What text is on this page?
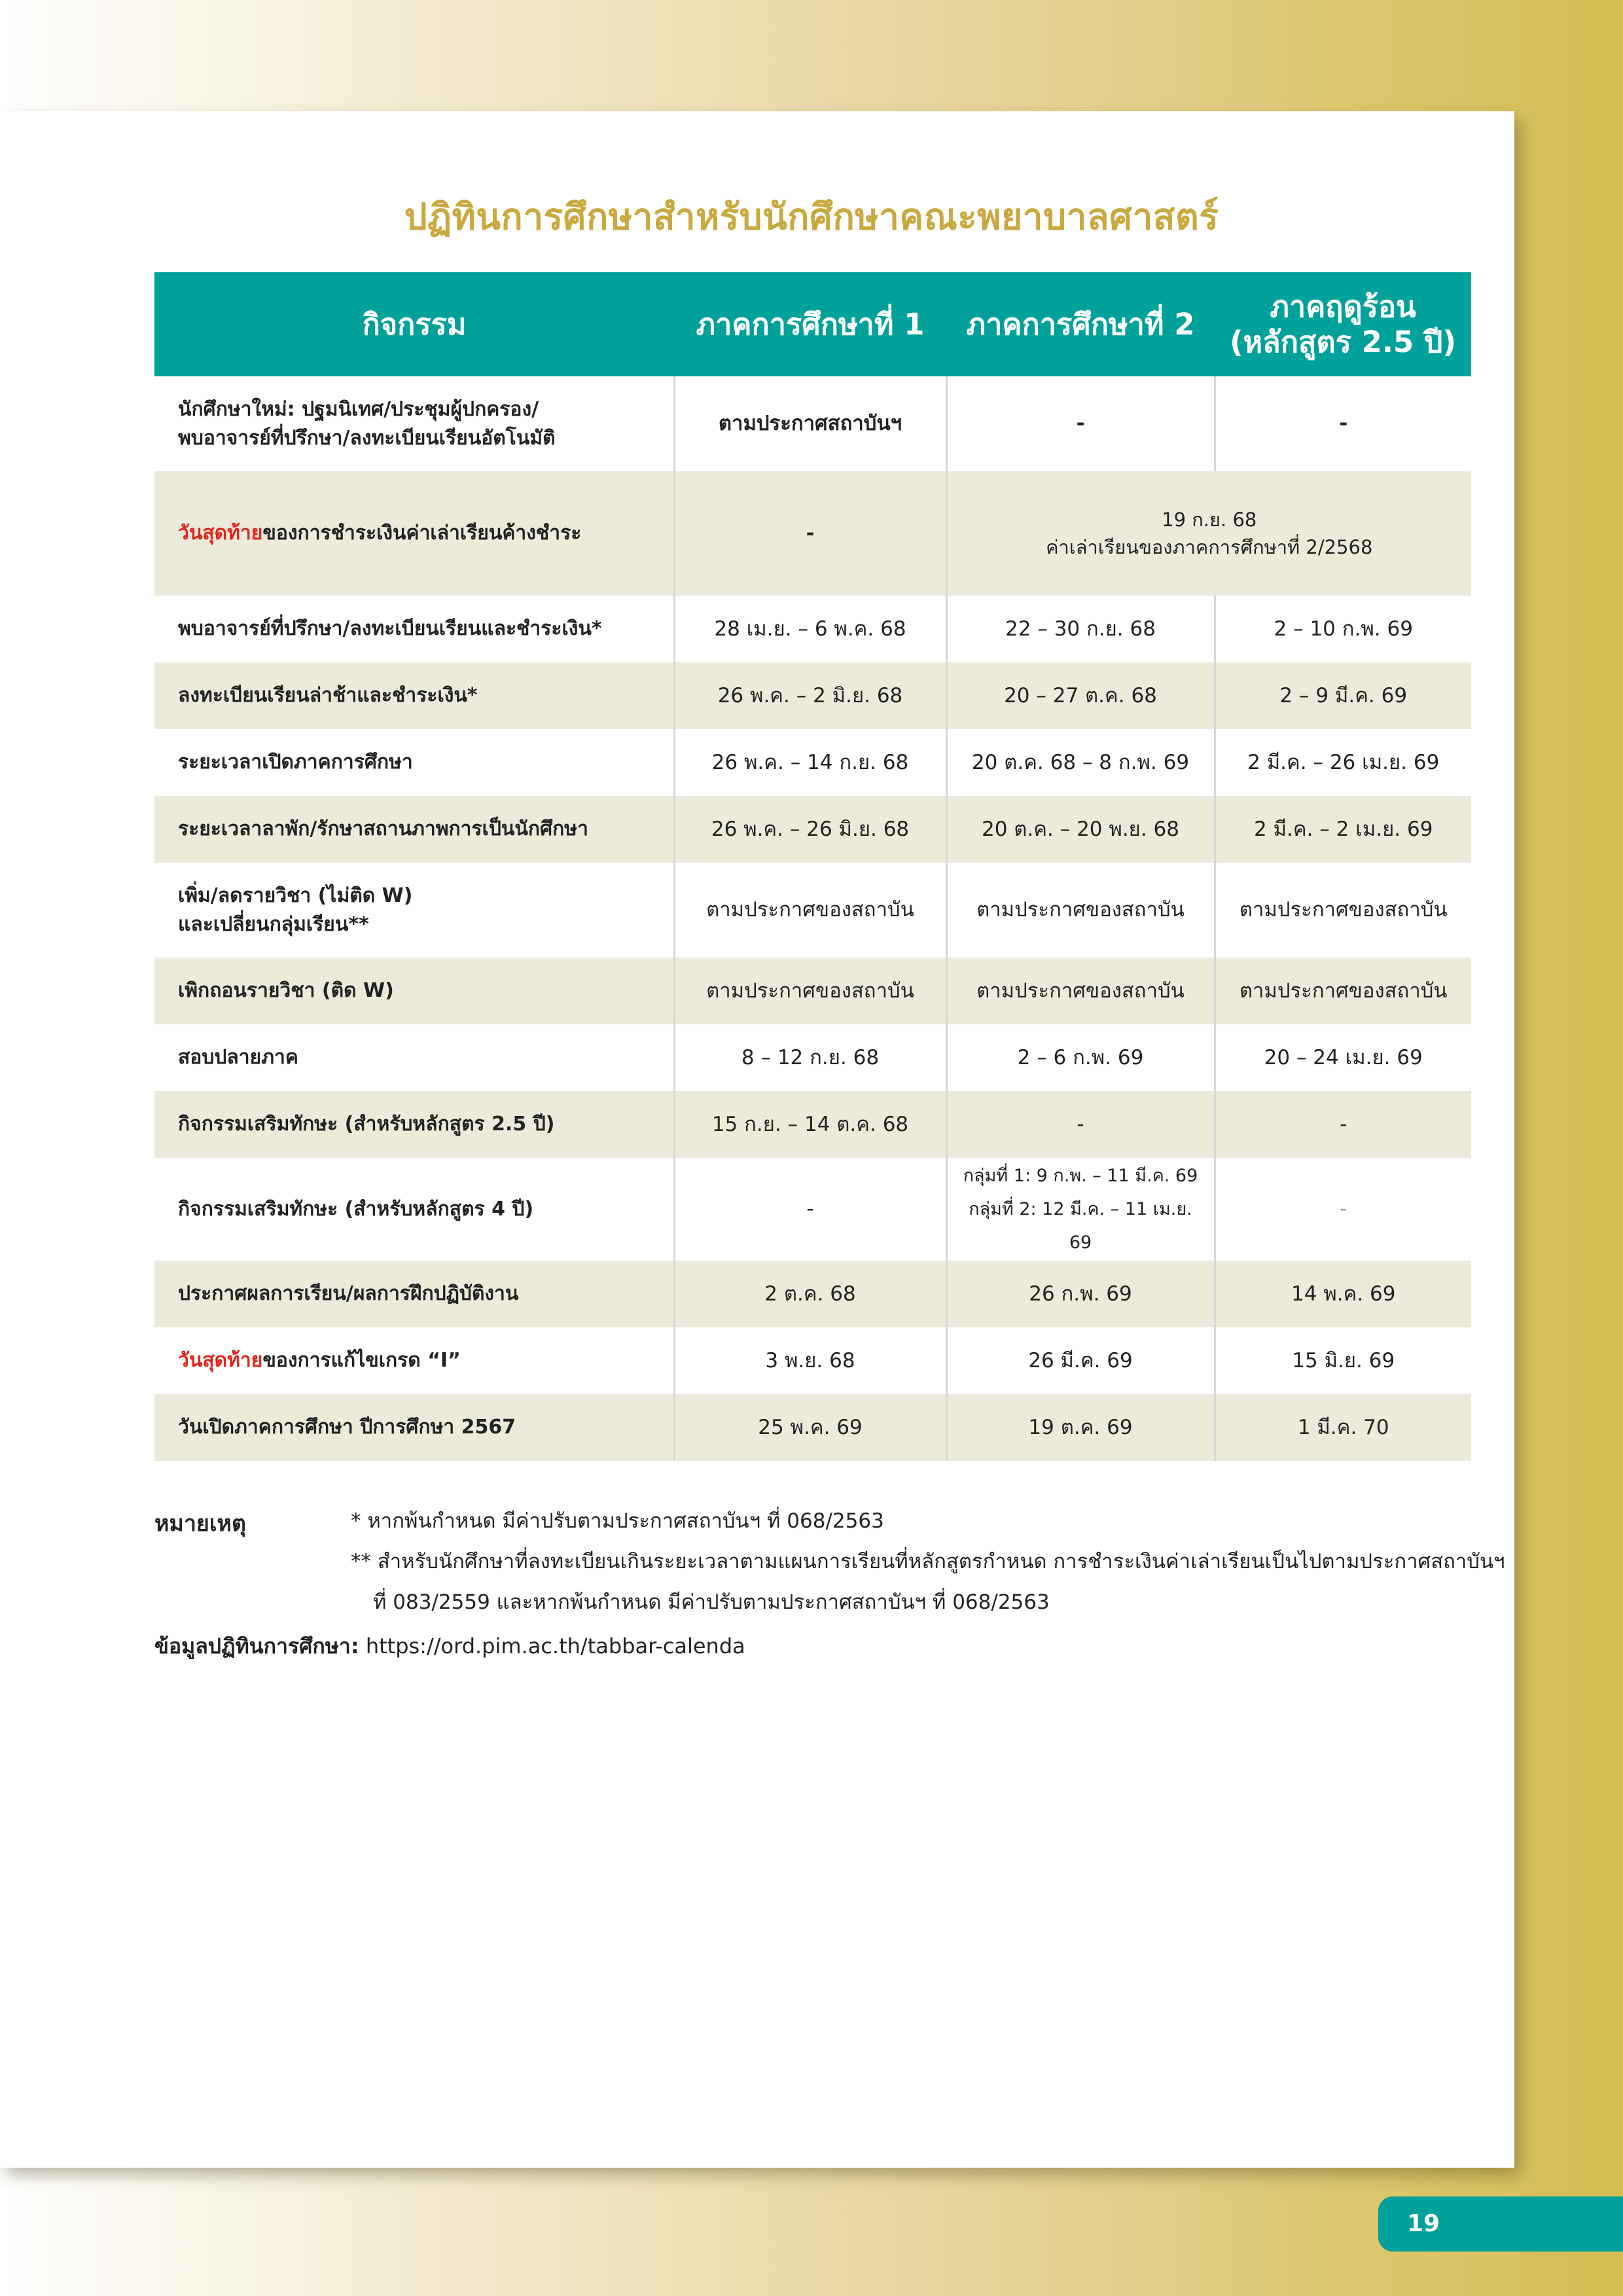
ปฏิทินการศึกษาสำหรับนักศึกษาคณะพยาบาลศาสตร์
กิจกรรม	ภาคการศึกษาที่ 1	ภาคการศึกษาที่ 2	ภาคฤดูร้อน
(หลักสูตร 2.5 ปี)
นักศึกษาใหม่: ปฐมนิเทศ/ประชุมผู้ปกครอง/
พบอาจารย์ที่ปรึกษา/ลงทะเบียนเรียนอัตโนมัติ	ตามประกาศสถาบันฯ	-	-
วันสุดท้ายของการชำระเงินค่าเล่าเรียนค้างชำระ	-	19 ก.ย. 68
ค่าเล่าเรียนของภาคการศึกษาที่ 2/2568	
พบอาจารย์ที่ปรึกษา/ลงทะเบียนเรียนและชำระเงิน*	28 เม.ย. – 6 พ.ค. 68	22 – 30 ก.ย. 68	2 – 10 ก.พ. 69
ลงทะเบียนเรียนล่าช้าและชำระเงิน*	26 พ.ค. – 2 มิ.ย. 68	20 – 27 ต.ค. 68	2 – 9 มี.ค. 69
ระยะเวลาเปิดภาคการศึกษา	26 พ.ค. – 14 ก.ย. 68	20 ต.ค. 68 – 8 ก.พ. 69	2 มี.ค. – 26 เม.ย. 69
ระยะเวลาลาพัก/รักษาสถานภาพการเป็นนักศึกษา	26 พ.ค. – 26 มิ.ย. 68	20 ต.ค. – 20 พ.ย. 68	2 มี.ค. – 2 เม.ย. 69
เพิ่ม/ลดรายวิชา (ไม่ติด W)
และเปลี่ยนกลุ่มเรียน**	ตามประกาศของสถาบัน	ตามประกาศของสถาบัน	ตามประกาศของสถาบัน
เพิกถอนรายวิชา (ติด W)	ตามประกาศของสถาบัน	ตามประกาศของสถาบัน	ตามประกาศของสถาบัน
สอบปลายภาค	8 – 12 ก.ย. 68	2 – 6 ก.พ. 69	20 – 24 เม.ย. 69
กิจกรรมเสริมทักษะ (สำหรับหลักสูตร 2.5 ปี)	15 ก.ย. – 14 ต.ค. 68	-	-
กิจกรรมเสริมทักษะ (สำหรับหลักสูตร 4 ปี)	-	กลุ่มที่ 1: 9 ก.พ. – 11 มี.ค. 69
กลุ่มที่ 2: 12 มี.ค. – 11 เม.ย. 69	-
ประกาศผลการเรียน/ผลการฝึกปฏิบัติงาน	2 ต.ค. 68	26 ก.พ. 69	14 พ.ค. 69
วันสุดท้ายของการแก้ไขเกรด “I”	3 พ.ย. 68	26 มี.ค. 69	15 มิ.ย. 69
วันเปิดภาคการศึกษา ปีการศึกษา 2567	25 พ.ค. 69	19 ต.ค. 69	1 มี.ค. 70
หมายเหตุ	* หากพ้นกำหนด มีค่าปรับตามประกาศสถาบันฯ ที่ 068/2563
** สำหรับนักศึกษาที่ลงทะเบียนเกินระยะเวลาตามแผนการเรียนที่หลักสูตรกำหนด การชำระเงินค่าเล่าเรียนเป็นไปตามประกาศสถาบันฯ
ที่ 083/2559 และหากพ้นกำหนด มีค่าปรับตามประกาศสถาบันฯ ที่ 068/2563
ข้อมูลปฏิทินการศึกษา: https://ord.pim.ac.th/tabbar-calenda
19
